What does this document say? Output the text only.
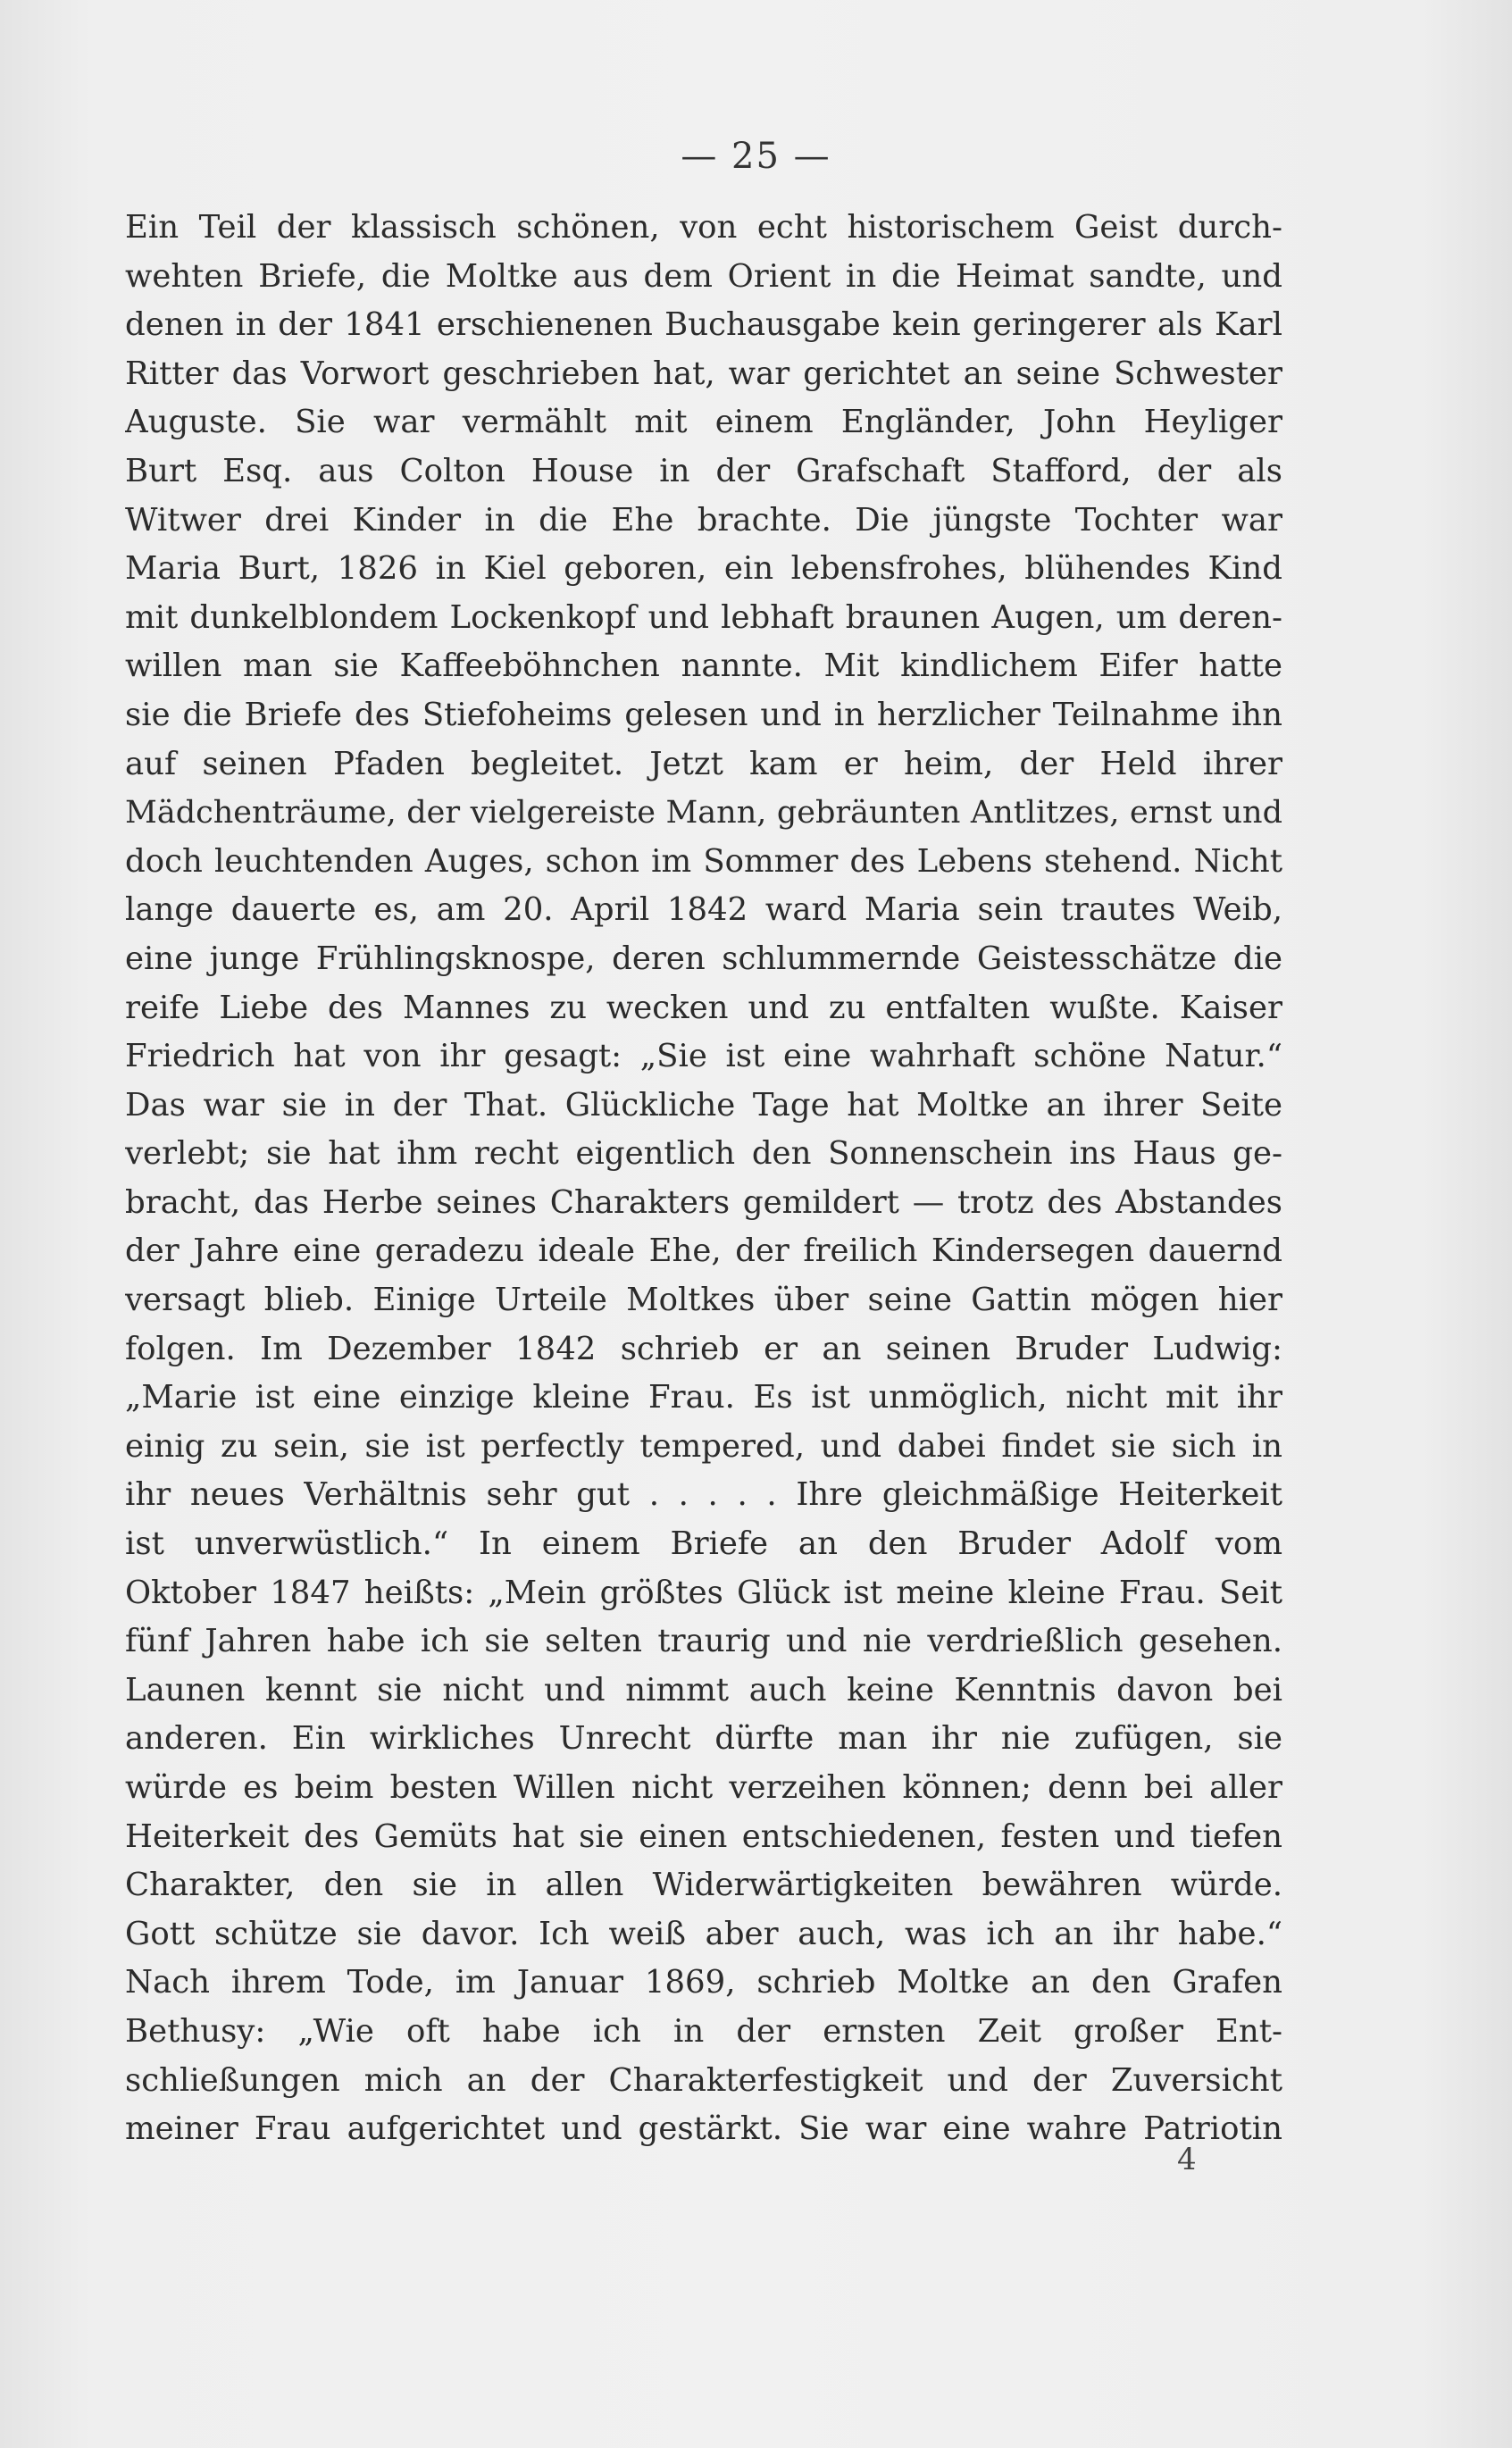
— 25 —
Ein Teil der klassisch schönen, von echt historischem Geist durch-
wehten Briefe, die Moltke aus dem Orient in die Heimat sandte, und
denen in der 1841 erschienenen Buchausgabe kein geringerer als Karl
Ritter das Vorwort geschrieben hat, war gerichtet an seine Schwester
Auguste. Sie war vermählt mit einem Engländer, John Heyliger
Burt Esq. aus Colton House in der Grafschaft Stafford, der als
Witwer drei Kinder in die Ehe brachte. Die jüngste Tochter war
Maria Burt, 1826 in Kiel geboren, ein lebensfrohes, blühendes Kind
mit dunkelblondem Lockenkopf und lebhaft braunen Augen, um deren-
willen man sie Kaffeeböhnchen nannte. Mit kindlichem Eifer hatte
sie die Briefe des Stiefoheims gelesen und in herzlicher Teilnahme ihn
auf seinen Pfaden begleitet. Jetzt kam er heim, der Held ihrer
Mädchenträume, der vielgereiste Mann, gebräunten Antlitzes, ernst und
doch leuchtenden Auges, schon im Sommer des Lebens stehend. Nicht
lange dauerte es, am 20. April 1842 ward Maria sein trautes Weib,
eine junge Frühlingsknospe, deren schlummernde Geistesschätze die
reife Liebe des Mannes zu wecken und zu entfalten wußte. Kaiser
Friedrich hat von ihr gesagt: „Sie ist eine wahrhaft schöne Natur.“
Das war sie in der That. Glückliche Tage hat Moltke an ihrer Seite
verlebt; sie hat ihm recht eigentlich den Sonnenschein ins Haus ge-
bracht, das Herbe seines Charakters gemildert — trotz des Abstandes
der Jahre eine geradezu ideale Ehe, der freilich Kindersegen dauernd
versagt blieb. Einige Urteile Moltkes über seine Gattin mögen hier
folgen. Im Dezember 1842 schrieb er an seinen Bruder Ludwig:
„Marie ist eine einzige kleine Frau. Es ist unmöglich, nicht mit ihr
einig zu sein, sie ist perfectly tempered, und dabei findet sie sich in
ihr neues Verhältnis sehr gut . . . . . Ihre gleichmäßige Heiterkeit
ist unverwüstlich.“ In einem Briefe an den Bruder Adolf vom
Oktober 1847 heißts: „Mein größtes Glück ist meine kleine Frau. Seit
fünf Jahren habe ich sie selten traurig und nie verdrießlich gesehen.
Launen kennt sie nicht und nimmt auch keine Kenntnis davon bei
anderen. Ein wirkliches Unrecht dürfte man ihr nie zufügen, sie
würde es beim besten Willen nicht verzeihen können; denn bei aller
Heiterkeit des Gemüts hat sie einen entschiedenen, festen und tiefen
Charakter, den sie in allen Widerwärtigkeiten bewähren würde.
Gott schütze sie davor. Ich weiß aber auch, was ich an ihr habe.“
Nach ihrem Tode, im Januar 1869, schrieb Moltke an den Grafen
Bethusy: „Wie oft habe ich in der ernsten Zeit großer Ent-
schließungen mich an der Charakterfestigkeit und der Zuversicht
meiner Frau aufgerichtet und gestärkt. Sie war eine wahre Patriotin
4
